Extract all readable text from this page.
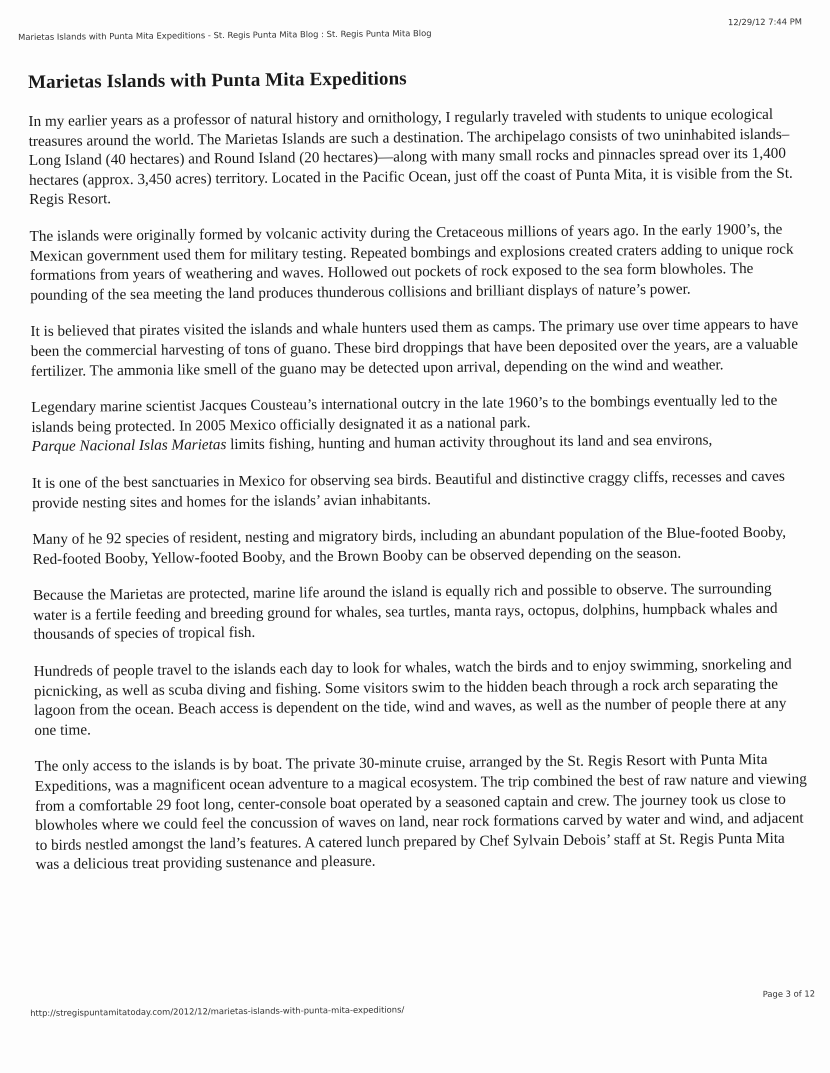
Marietas Islands with Punta Mita Expeditions - St. Regis Punta Mita Blog : St. Regis Punta Mita Blog
12/29/12 7:44 PM
Marietas Islands with Punta Mita Expeditions

In my earlier years as a professor of natural history and ornithology, I regularly traveled with students to unique ecological treasures around the world. The Marietas Islands are such a destination. The archipelago consists of two uninhabited islands–Long Island (40 hectares) and Round Island (20 hectares)—along with many small rocks and pinnacles spread over its 1,400 hectares (approx. 3,450 acres) territory. Located in the Pacific Ocean, just off the coast of Punta Mita, it is visible from the St. Regis Resort.

The islands were originally formed by volcanic activity during the Cretaceous millions of years ago. In the early 1900’s, the Mexican government used them for military testing. Repeated bombings and explosions created craters adding to unique rock formations from years of weathering and waves. Hollowed out pockets of rock exposed to the sea form blowholes. The pounding of the sea meeting the land produces thunderous collisions and brilliant displays of nature’s power.

It is believed that pirates visited the islands and whale hunters used them as camps. The primary use over time appears to have been the commercial harvesting of tons of guano. These bird droppings that have been deposited over the years, are a valuable fertilizer. The ammonia like smell of the guano may be detected upon arrival, depending on the wind and weather.

Legendary marine scientist Jacques Cousteau’s international outcry in the late 1960’s to the bombings eventually led to the islands being protected. In 2005 Mexico officially designated it as a national park.
Parque Nacional Islas Marietas limits fishing, hunting and human activity throughout its land and sea environs,

It is one of the best sanctuaries in Mexico for observing sea birds. Beautiful and distinctive craggy cliffs, recesses and caves provide nesting sites and homes for the islands’ avian inhabitants.

Many of he 92 species of resident, nesting and migratory birds, including an abundant population of the Blue-footed Booby, Red-footed Booby, Yellow-footed Booby, and the Brown Booby can be observed depending on the season.

Because the Marietas are protected, marine life around the island is equally rich and possible to observe. The surrounding water is a fertile feeding and breeding ground for whales, sea turtles, manta rays, octopus, dolphins, humpback whales and thousands of species of tropical fish.

Hundreds of people travel to the islands each day to look for whales, watch the birds and to enjoy swimming, snorkeling and picnicking, as well as scuba diving and fishing. Some visitors swim to the hidden beach through a rock arch separating the lagoon from the ocean. Beach access is dependent on the tide, wind and waves, as well as the number of people there at any one time.

The only access to the islands is by boat. The private 30-minute cruise, arranged by the St. Regis Resort with Punta Mita Expeditions, was a magnificent ocean adventure to a magical ecosystem. The trip combined the best of raw nature and viewing from a comfortable 29 foot long, center-console boat operated by a seasoned captain and crew. The journey took us close to blowholes where we could feel the concussion of waves on land, near rock formations carved by water and wind, and adjacent to birds nestled amongst the land’s features. A catered lunch prepared by Chef Sylvain Debois’ staff at St. Regis Punta Mita was a delicious treat providing sustenance and pleasure.

http://stregispuntamitatoday.com/2012/12/marietas-islands-with-punta-mita-expeditions/
Page 3 of 12
